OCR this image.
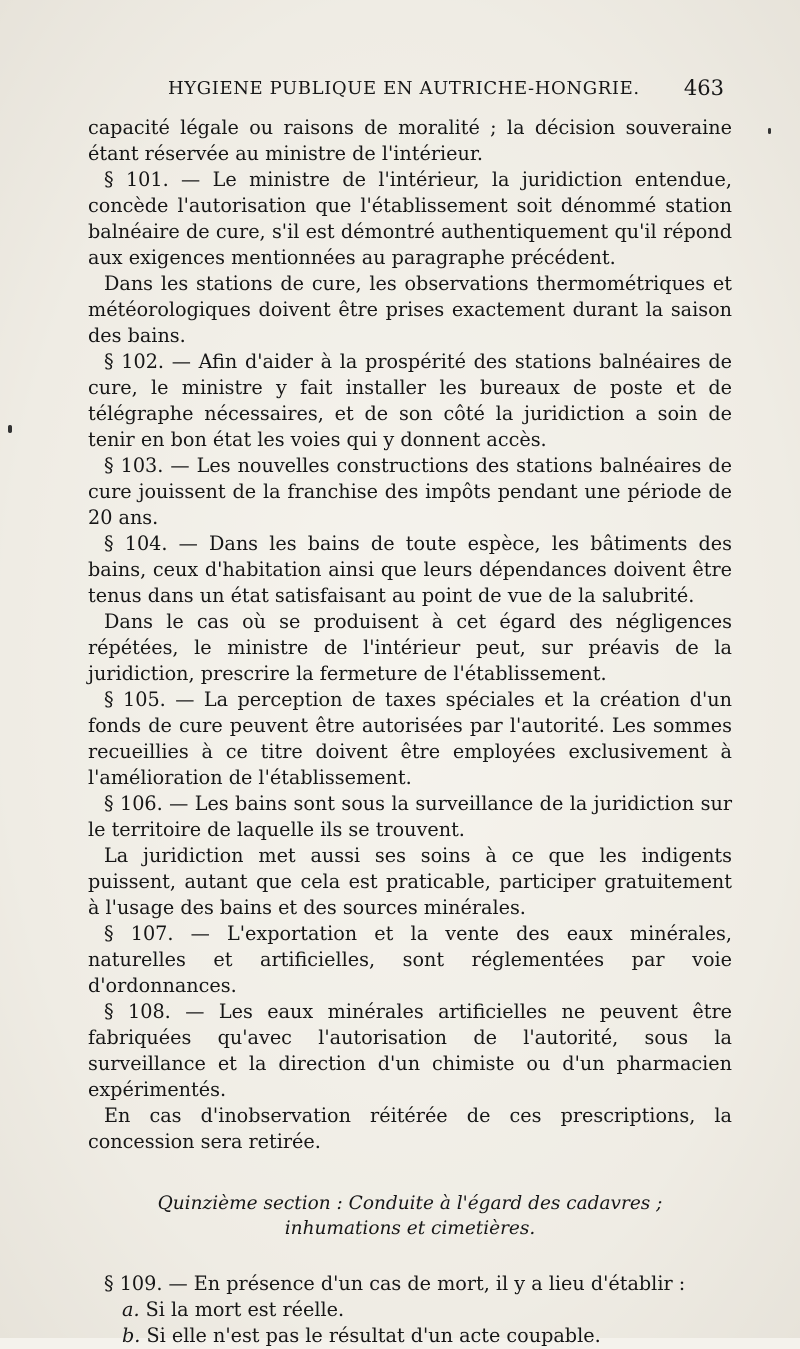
HYGIENE PUBLIQUE EN AUTRICHE-HONGRIE. 463

capacité légale ou raisons de moralité ; la décision souveraine étant réservée au ministre de l'intérieur.

§ 101. — Le ministre de l'intérieur, la juridiction entendue, concède l'autorisation que l'établissement soit dénommé station balnéaire de cure, s'il est démontré authentiquement qu'il répond aux exigences mentionnées au paragraphe précédent.

Dans les stations de cure, les observations thermométriques et météorologiques doivent être prises exactement durant la saison des bains.

§ 102. — Afin d'aider à la prospérité des stations balnéaires de cure, le ministre y fait installer les bureaux de poste et de télégraphe nécessaires, et de son côté la juridiction a soin de tenir en bon état les voies qui y donnent accès.

§ 103. — Les nouvelles constructions des stations balnéaires de cure jouissent de la franchise des impôts pendant une période de 20 ans.

§ 104. — Dans les bains de toute espèce, les bâtiments des bains, ceux d'habitation ainsi que leurs dépendances doivent être tenus dans un état satisfaisant au point de vue de la salubrité.

Dans le cas où se produisent à cet égard des négligences répétées, le ministre de l'intérieur peut, sur préavis de la juridiction, prescrire la fermeture de l'établissement.

§ 105. — La perception de taxes spéciales et la création d'un fonds de cure peuvent être autorisées par l'autorité. Les sommes recueillies à ce titre doivent être employées exclusivement à l'amélioration de l'établissement.

§ 106. — Les bains sont sous la surveillance de la juridiction sur le territoire de laquelle ils se trouvent.

La juridiction met aussi ses soins à ce que les indigents puissent, autant que cela est praticable, participer gratuitement à l'usage des bains et des sources minérales.

§ 107. — L'exportation et la vente des eaux minérales, naturelles et artificielles, sont réglementées par voie d'ordonnances.

§ 108. — Les eaux minérales artificielles ne peuvent être fabriquées qu'avec l'autorisation de l'autorité, sous la surveillance et la direction d'un chimiste ou d'un pharmacien expérimentés.

En cas d'inobservation réitérée de ces prescriptions, la concession sera retirée.

Quinzième section : Conduite à l'égard des cadavres ;
inhumations et cimetières.

§ 109. — En présence d'un cas de mort, il y a lieu d'établir :

a. Si la mort est réelle.
b. Si elle n'est pas le résultat d'un acte coupable.
